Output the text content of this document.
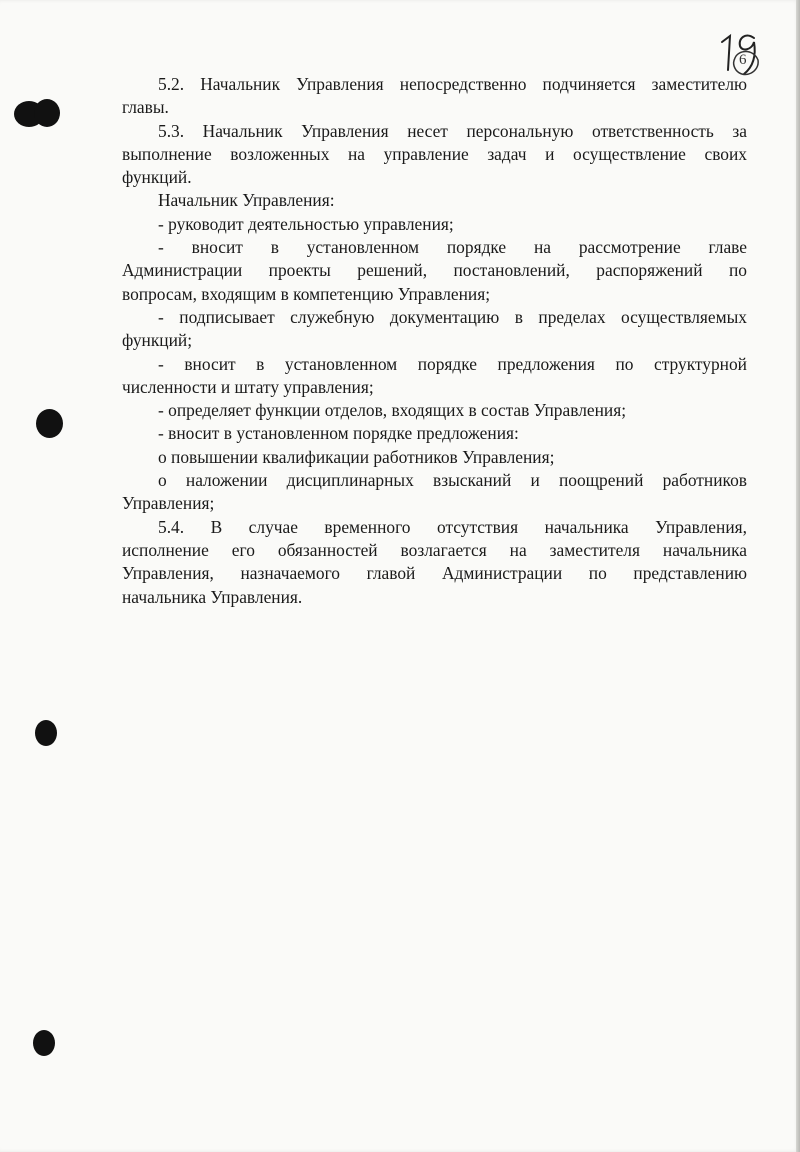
6

5.2. Начальник Управления непосредственно подчиняется заместителю

главы.

5.3. Начальник Управления несет персональную ответственность за

выполнение возложенных на управление задач и осуществление своих

функций.

Начальник Управления:

- руководит деятельностью управления;

- вносит в установленном порядке на рассмотрение главе

Администрации проекты решений, постановлений, распоряжений по

вопросам, входящим в компетенцию Управления;

- подписывает служебную документацию в пределах осуществляемых

функций;

- вносит в установленном порядке предложения по структурной

численности и штату управления;

- определяет функции отделов, входящих в состав Управления;

- вносит в установленном порядке предложения:

о повышении квалификации работников Управления;

о наложении дисциплинарных взысканий и поощрений работников

Управления;

5.4. В случае временного отсутствия начальника Управления,

исполнение его обязанностей возлагается на заместителя начальника

Управления, назначаемого главой Администрации по представлению

начальника Управления.
